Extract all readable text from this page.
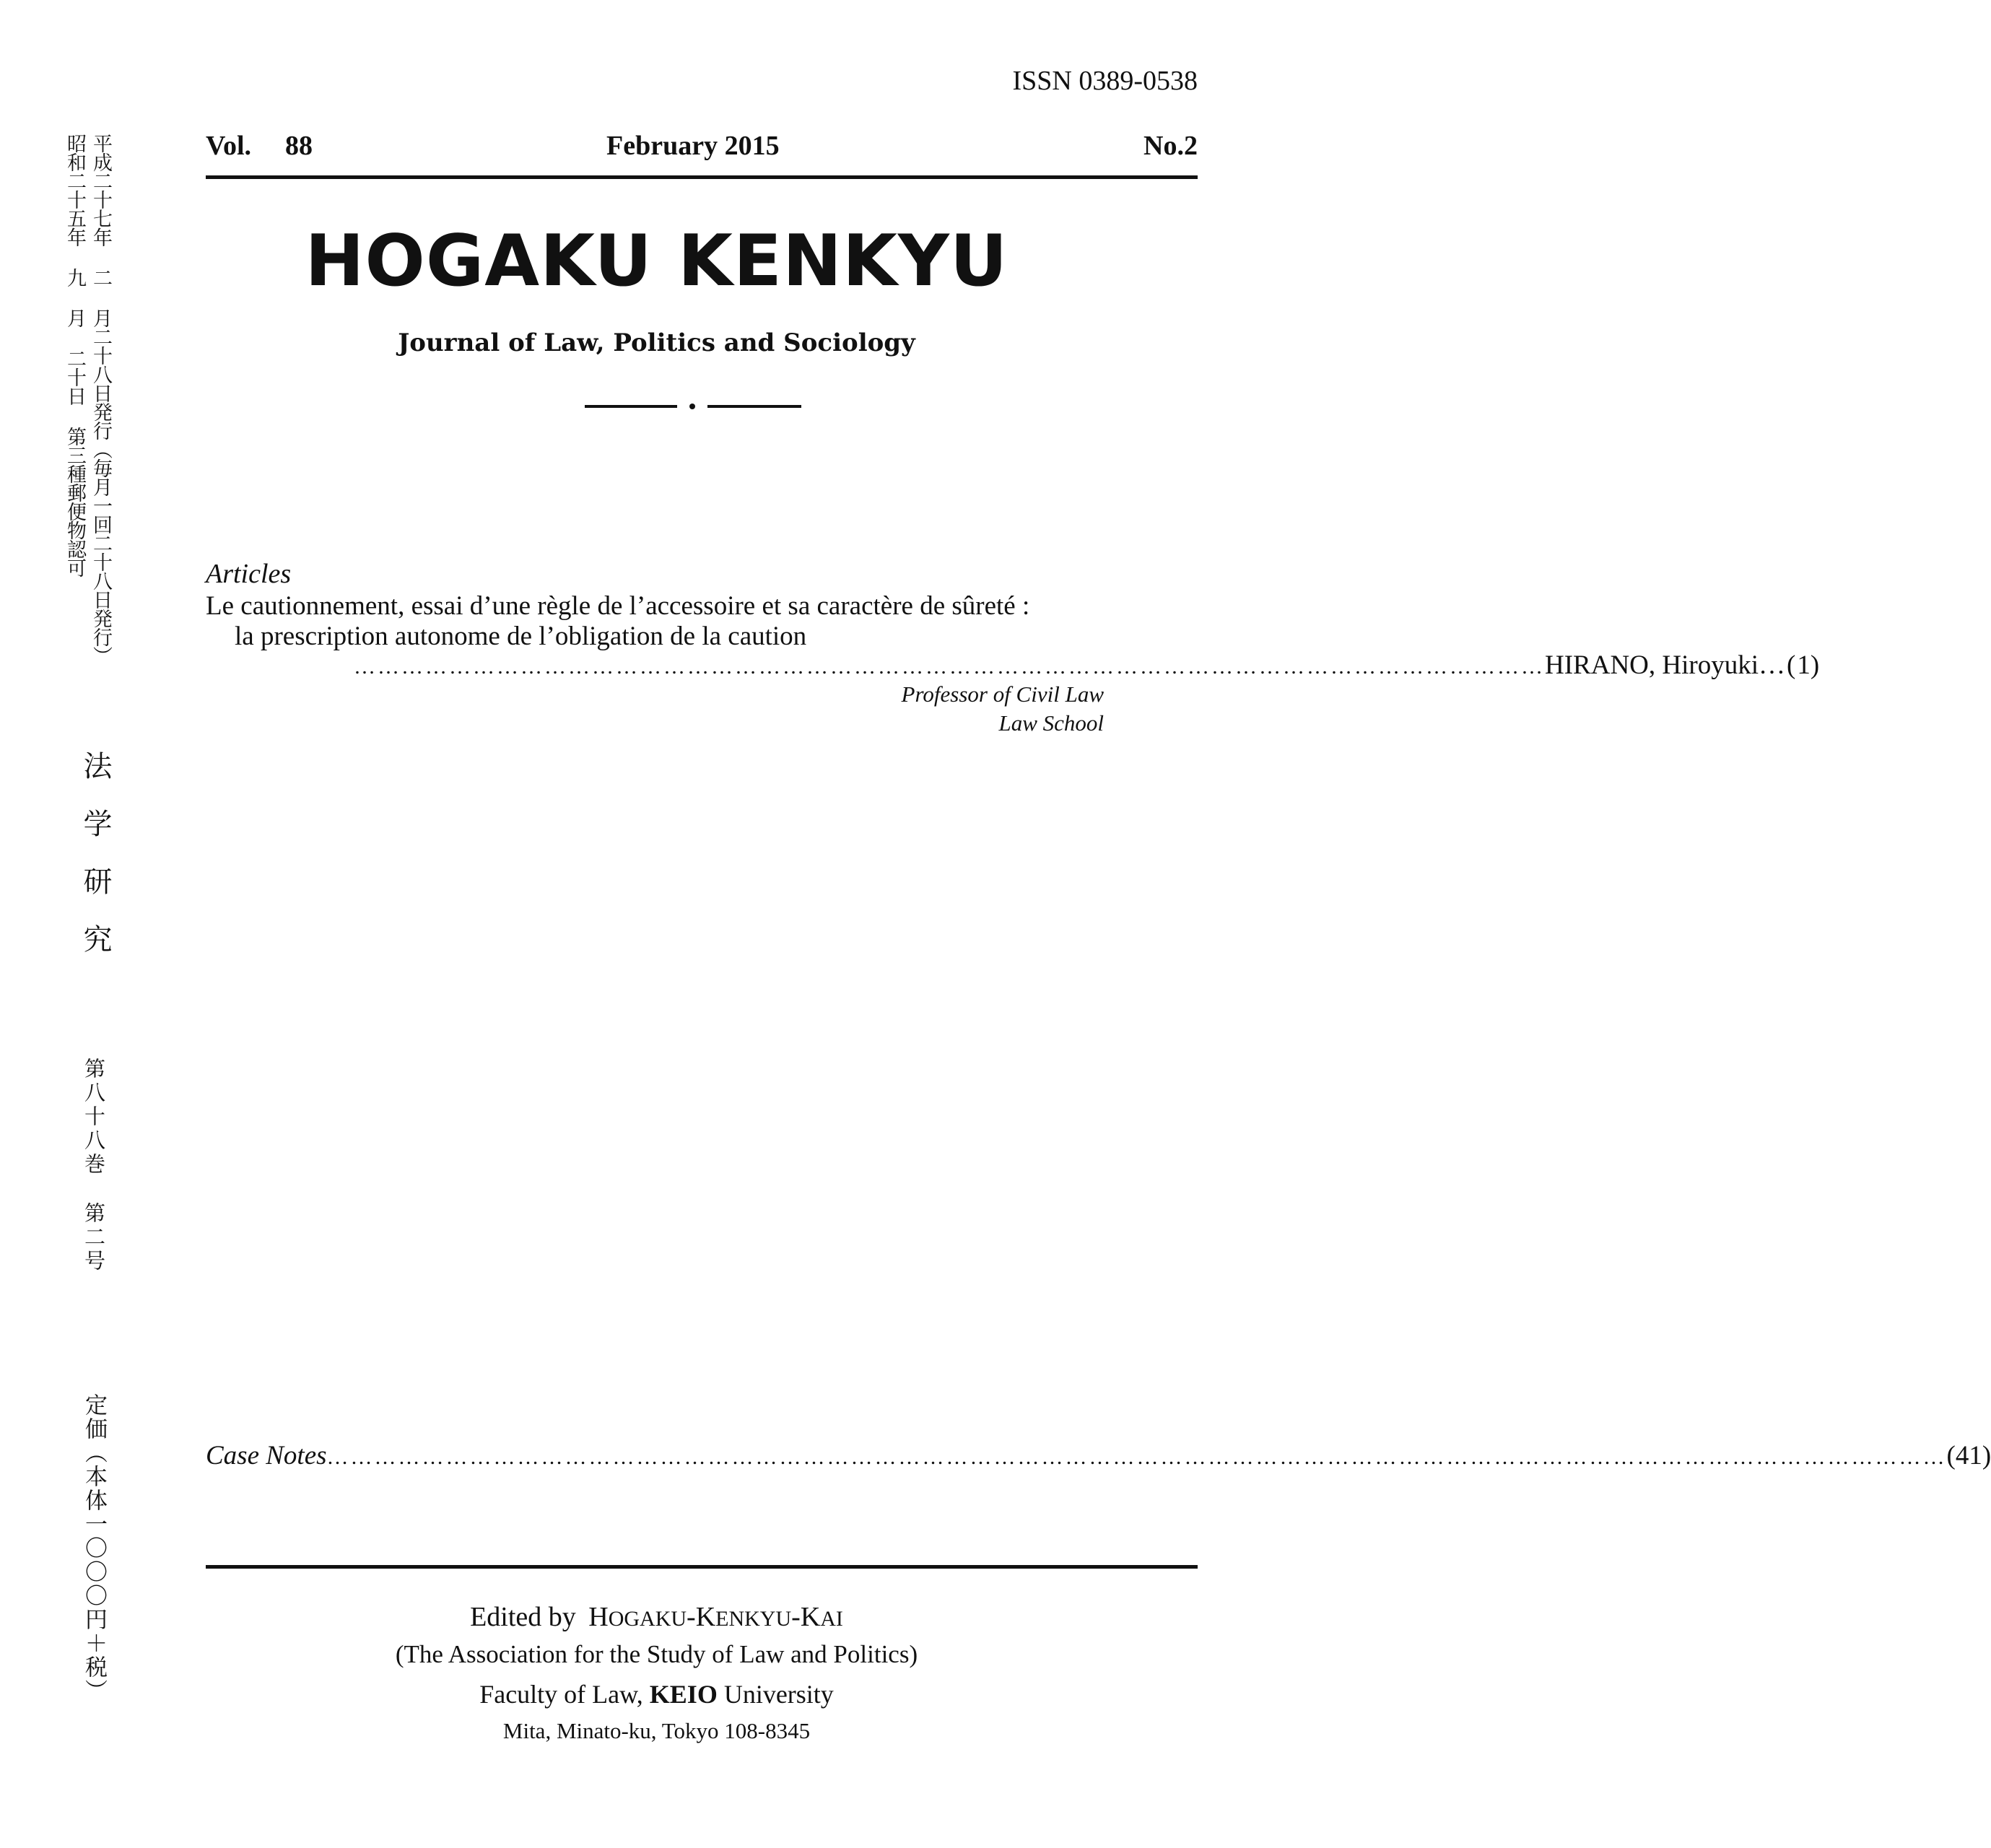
平成二十七年 二 月二十八日発行（毎月一回二十八日発行）
昭和二十五年 九 月 二十日 第三種郵便物認可
法学研究
第八十八巻
第二号
定価（本体一〇〇〇円＋税）
ISSN 0389-0538
Vol. 88	February 2015	No.2
HOGAKU KENKYU
Journal of Law, Politics and Sociology
Articles
Le cautionnement, essai d’une règle de l’accessoire et sa caractère de sûreté :
la prescription autonome de l’obligation de la caution
…………………………………………………………………………………………………………………………………… HIRANO, Hiroyuki …( 1 )
Professor of Civil Law
Law School
Case Notes …………………………………………………………………………………………………………………………………………………………………………………… ( 41 )
Edited by HOGAKU-KENKYU-KAI
(The Association for the Study of Law and Politics)
Faculty of Law, KEIO University
Mita, Minato-ku, Tokyo 108-8345
